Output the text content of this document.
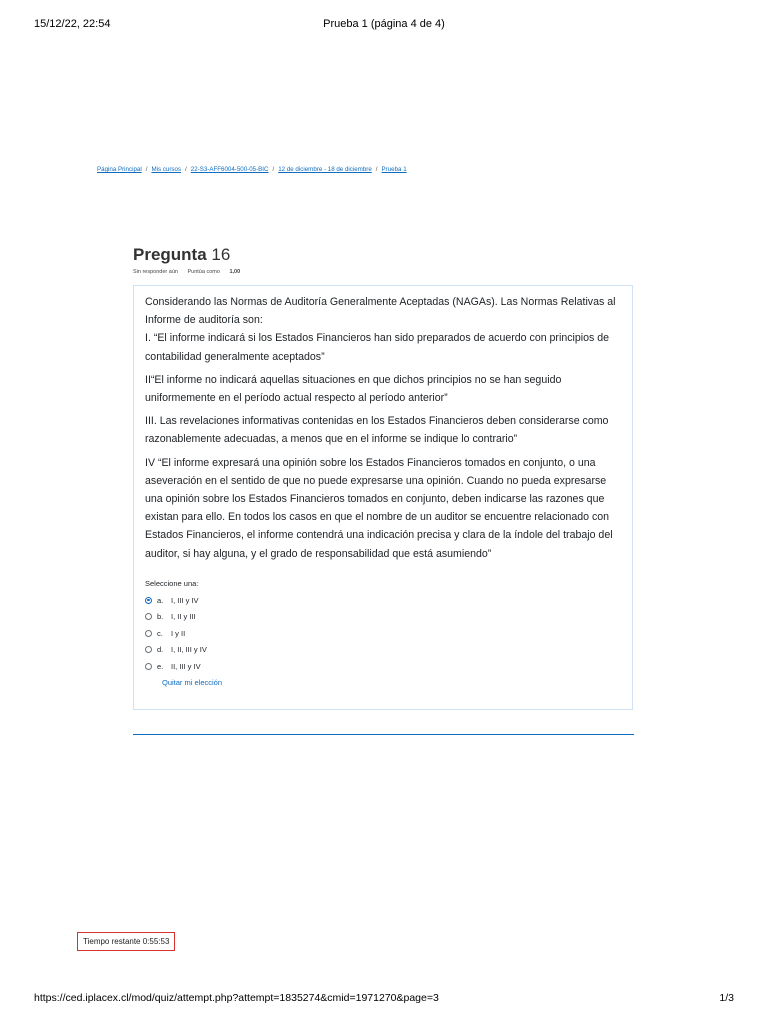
15/12/22, 22:54	Prueba 1 (página 4 de 4)
Página Principal / Mis cursos / 22-S3-AFF6004-500-05-BIC / 12 de diciembre - 18 de diciembre / Prueba 1
Pregunta 16
Sin responder aún Puntúa como 1,00

Considerando las Normas de Auditoría Generalmente Aceptadas (NAGAs). Las Normas Relativas al Informe de auditoría son:
I. “El informe indicará si los Estados Financieros han sido preparados de acuerdo con principios de contabilidad generalmente aceptados”

II“El informe no indicará aquellas situaciones en que dichos principios no se han seguido uniformemente en el período actual respecto al período anterior”

III. Las revelaciones informativas contenidas en los Estados Financieros deben considerarse como razonablemente adecuadas, a menos que en el informe se indique lo contrario”

IV “El informe expresará una opinión sobre los Estados Financieros tomados en conjunto, o una aseveración en el sentido de que no puede expresarse una opinión. Cuando no pueda expresarse una opinión sobre los Estados Financieros tomados en conjunto, deben indicarse las razones que existan para ello. En todos los casos en que el nombre de un auditor se encuentre relacionado con Estados Financieros, el informe contendrá una indicación precisa y clara de la índole del trabajo del auditor, si hay alguna, y el grado de responsabilidad que está asumiendo”

Seleccione una:
a.	I, III y IV
b.	I, II y III
c.	I y II
d.	I, II, III y IV
e.	II, III y IV
Quitar mi elección
Tiempo restante 0:55:53
https://ced.iplacex.cl/mod/quiz/attempt.php?attempt=1835274&cmid=1971270&page=3	1/3
